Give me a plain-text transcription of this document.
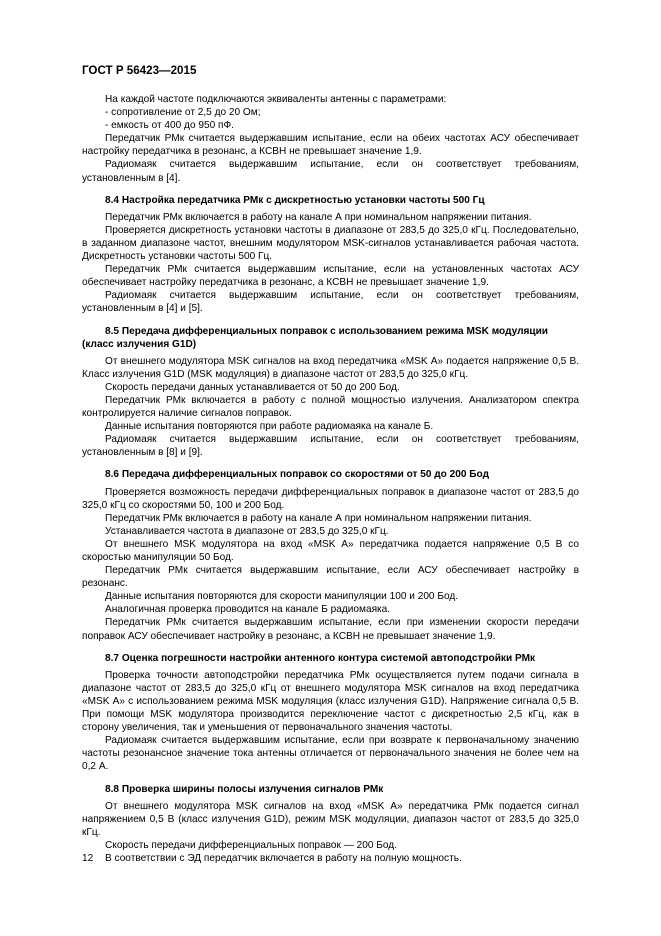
ГОСТ Р 56423—2015

На каждой частоте подключаются эквиваленты антенны с параметрами:

- сопротивление от 2,5 до 20 Ом;

- емкость от 400 до 950 пФ.

Передатчик РМк считается выдержавшим испытание, если на обеих частотах АСУ обеспечивает настройку передатчика в резонанс, а КСВН не превышает значение 1,9.

Радиомаяк считается выдержавшим испытание, если он соответствует требованиям, установленным в [4].

8.4 Настройка передатчика РМк с дискретностью установки частоты 500 Гц

Передатчик РМк включается в работу на канале А при номинальном напряжении питания.

Проверяется дискретность установки частоты в диапазоне от 283,5 до 325,0 кГц. Последовательно, в заданном диапазоне частот, внешним модулятором MSK-сигналов устанавливается рабочая частота. Дискретность установки частоты 500 Гц.

Передатчик РМк считается выдержавшим испытание, если на установленных частотах АСУ обеспечивает настройку передатчика в резонанс, а КСВН не превышает значение 1,9.

Радиомаяк считается выдержавшим испытание, если он соответствует требованиям, установленным в [4] и [5].

8.5 Передача дифференциальных поправок с использованием режима MSK модуляции (класс излучения G1D)

От внешнего модулятора MSK сигналов на вход передатчика «MSK А» подается напряжение 0,5 В. Класс излучения G1D (MSK модуляция) в диапазоне частот от 283,5 до 325,0 кГц.

Скорость передачи данных устанавливается от 50 до 200 Бод.

Передатчик РМк включается в работу с полной мощностью излучения. Анализатором спектра контролируется наличие сигналов поправок.

Данные испытания повторяются при работе радиомаяка на канале Б.

Радиомаяк считается выдержавшим испытание, если он соответствует требованиям, установленным в [8] и [9].

8.6 Передача дифференциальных поправок со скоростями от 50 до 200 Бод

Проверяется возможность передачи дифференциальных поправок в диапазоне частот от 283,5 до 325,0 кГц со скоростями 50, 100 и 200 Бод.

Передатчик РМк включается в работу на канале А при номинальном напряжении питания.

Устанавливается частота в диапазоне от 283,5 до 325,0 кГц.

От внешнего MSK модулятора на вход «MSK А» передатчика подается напряжение 0,5 В со скоростью манипуляции 50 Бод.

Передатчик РМк считается выдержавшим испытание, если АСУ обеспечивает настройку в резонанс.

Данные испытания повторяются для скорости манипуляции 100 и 200 Бод.

Аналогичная проверка проводится на канале Б радиомаяка.

Передатчик РМк считается выдержавшим испытание, если при изменении скорости передачи поправок АСУ обеспечивает настройку в резонанс, а КСВН не превышает значение 1,9.

8.7 Оценка погрешности настройки антенного контура системой автоподстройки РМк

Проверка точности автоподстройки передатчика РМк осуществляется путем подачи сигнала в диапазоне частот от 283,5 до 325,0 кГц от внешнего модулятора MSK сигналов на вход передатчика «MSK А» с использованием режима MSK модуляция (класс излучения G1D). Напряжение сигнала 0,5 В. При помощи MSK модулятора производится переключение частот с дискретностью 2,5 кГц, как в сторону увеличения, так и уменьшения от первоначального значения частоты.

Радиомаяк считается выдержавшим испытание, если при возврате к первоначальному значению частоты резонансное значение тока антенны отличается от первоначального значения не более чем на 0,2 А.

8.8 Проверка ширины полосы излучения сигналов РМк

От внешнего модулятора MSK сигналов на вход «MSK А» передатчика РМк подается сигнал напряжением 0,5 В (класс излучения G1D), режим MSK модуляции, диапазон частот от 283,5 до 325,0 кГц.

Скорость передачи дифференциальных поправок — 200 Бод.

В соответствии с ЭД передатчик включается в работу на полную мощность.

12
